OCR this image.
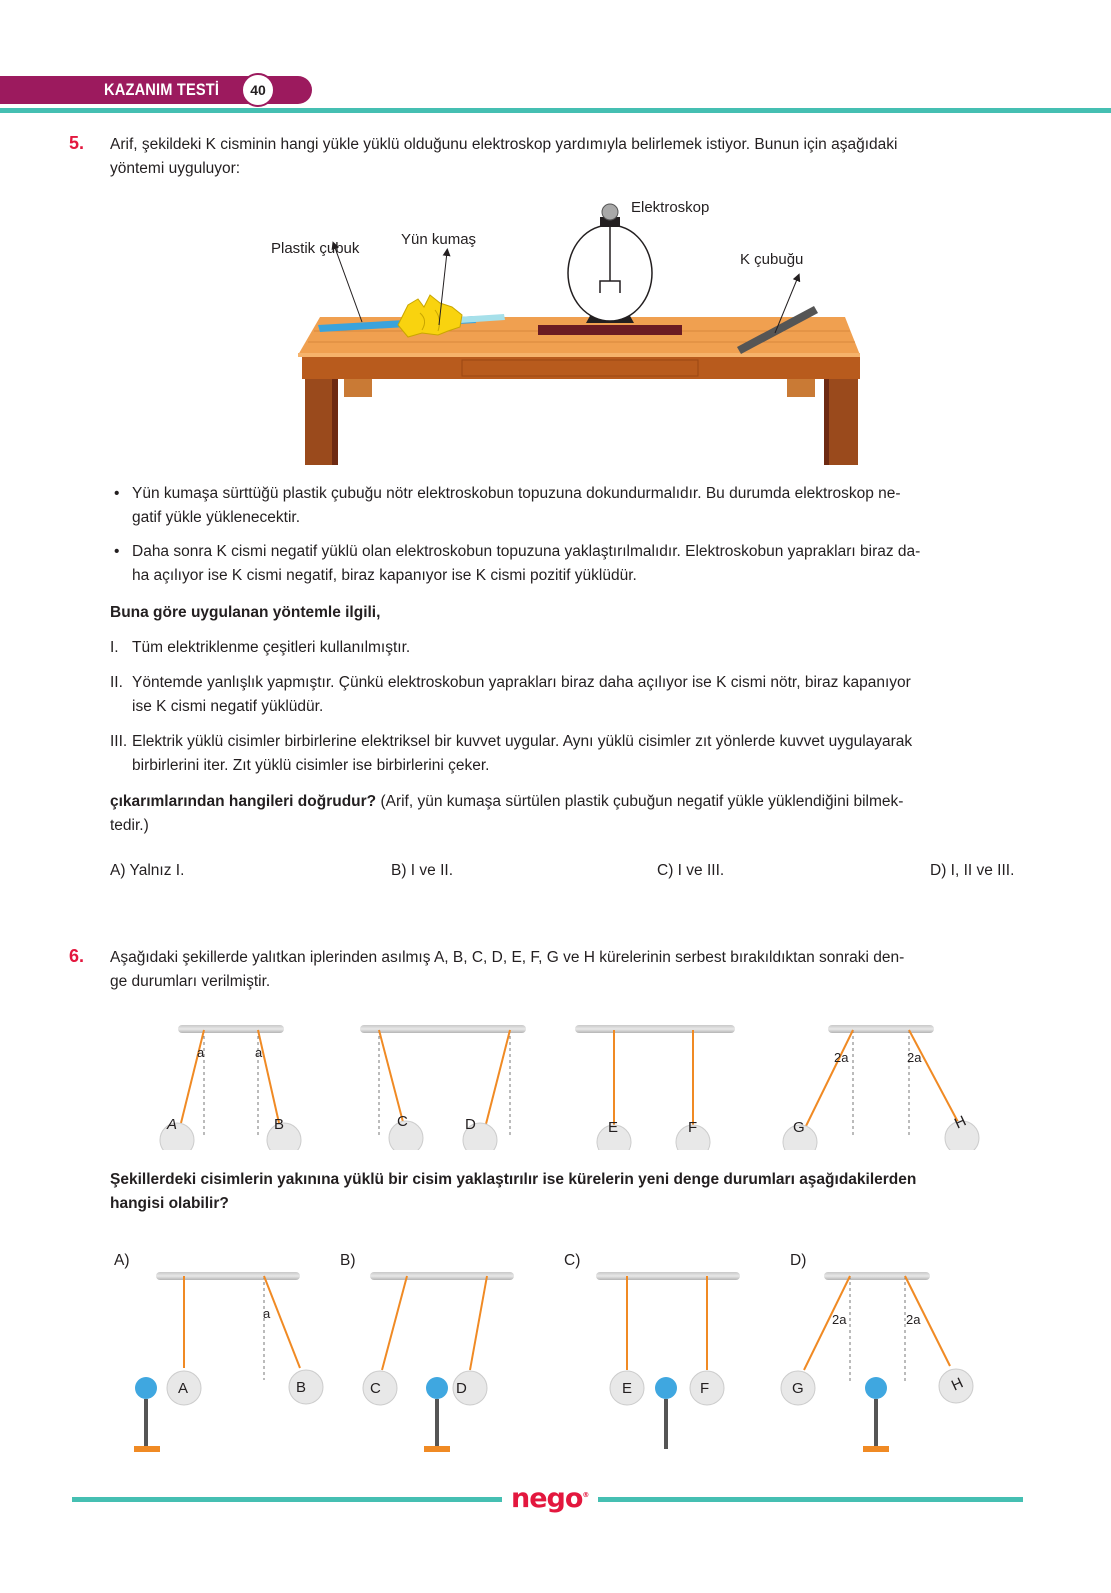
KAZANIM TESTİ	40
5. Arif, şekildeki K cisminin hangi yükle yüklü olduğunu elektroskop yardımıyla belirlemek istiyor. Bunun için aşağıdaki
yöntemi uyguluyor:
Plastik çubuk
Yün kumaş
Elektroskop
K çubuğu
• Yün kumaşa sürttüğü plastik çubuğu nötr elektroskobun topuzuna dokundurmalıdır. Bu durumda elektroskop ne-
gatif yükle yüklenecektir.
• Daha sonra K cismi negatif yüklü olan elektroskobun topuzuna yaklaştırılmalıdır. Elektroskobun yaprakları biraz da-
ha açılıyor ise K cismi negatif, biraz kapanıyor ise K cismi pozitif yüklüdür.
Buna göre uygulanan yöntemle ilgili,
I. Tüm elektriklenme çeşitleri kullanılmıştır.
II. Yöntemde yanlışlık yapmıştır. Çünkü elektroskobun yaprakları biraz daha açılıyor ise K cismi nötr, biraz kapanıyor
ise K cismi negatif yüklüdür.
III. Elektrik yüklü cisimler birbirlerine elektriksel bir kuvvet uygular. Aynı yüklü cisimler zıt yönlerde kuvvet uygulayarak
birbirlerini iter. Zıt yüklü cisimler ise birbirlerini çeker.
çıkarımlarından hangileri doğrudur? (Arif, yün kumaşa sürtülen plastik çubuğun negatif yükle yüklendiğini bilmek-
tedir.)
A) Yalnız I.	B) I ve II.	C) I ve III.	D) I, II ve III.
6. Aşağıdaki şekillerde yalıtkan iplerinden asılmış A, B, C, D, E, F, G ve H kürelerinin serbest bırakıldıktan sonraki den-
ge durumları verilmiştir.
A	B
a	a
C	D	E	F	G	H
2a	2a
Şekillerdeki cisimlerin yakınına yüklü bir cisim yaklaştırılır ise kürelerin yeni denge durumları aşağıdakilerden
hangisi olabilir?
A)	B)	C)	D)
A	B
a
C	D	E	F	G	H
2a	2a
nego®
